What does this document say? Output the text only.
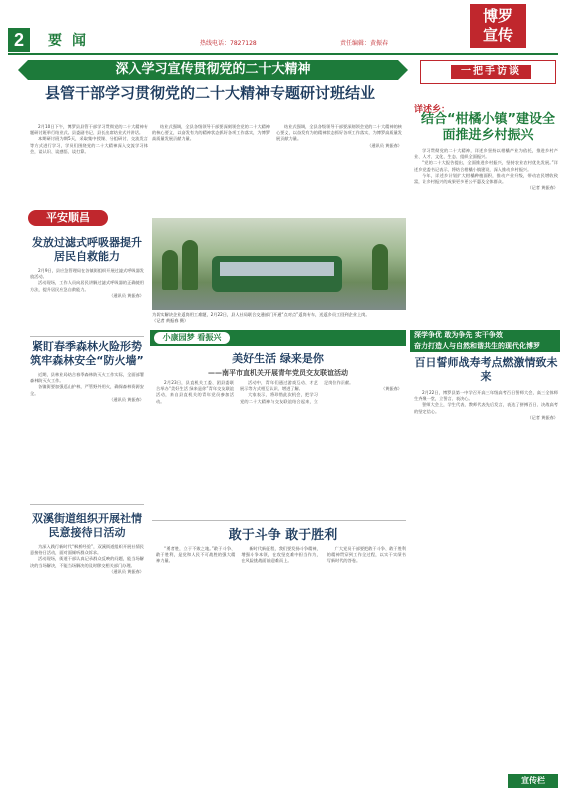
2	要闻	热线电话：7827128	责任编辑：黄振春
博罗
宣传
深入学习宣传贯彻党的二十大精神
县管干部学习贯彻党的二十大精神专题研讨班结业

2月10日下午，博罗县县管干部学习贯彻党的二十大精神专题研讨班举行结业式。县委副书记、县长出席结业式并讲话。

本期研讨班为期5天，采取集中授课、分组研讨、交流发言等方式进行学习，学员们围绕党的二十大精神深入交流学习体会，谈认识、谈感悟、谈打算。

结业式强调，全县各级领导干部要深刻领会党的二十大精神的核心要义，以奋发有为的精神状态抓好各项工作落实，为博罗高质量发展贡献力量。

结业式强调，全县各级领导干部要深刻领会党的二十大精神的核心要义，以奋发有为的精神状态抓好各项工作落实，为博罗高质量发展贡献力量。

（通讯员 黄振春）
一把手访谈
详述乡：
结合“柑橘小镇”建设全面推进乡村振兴

学习贯彻党的二十大精神，详述乡坚持以柑橘产业为依托，推进乡村产业、人才、文化、生态、组织全面振兴。

“党的二十大报告提出，全面推进乡村振兴，坚持农业农村优先发展。”详述乡党委书记表示，将结合柑橘小镇建设，深入推动乡村振兴。

今年，详述乡计划扩大柑橘种植面积，推动产业升级，带动农民增收致富，让乡村振兴的成果更多更公平惠及全体群众。

（记者 黄振春）
平安顺昌
发放过滤式呼吸器提升居民自救能力

2月9日，县应急管理局在各镇街组织开展过滤式呼吸器发放活动。

活动现场，工作人员向居民讲解过滤式呼吸器的正确使用方法，提升居民应急自救能力。

（通讯员 黄振春）
紧盯春季森林火险形势筑牢森林安全“防火墙”

近期，县林业局结合春季森林防灭火工作实际，全面部署森林防灭火工作。

各镇街要加强巡山护林，严管野外用火，确保森林资源安全。

（通讯员 黄振春）
为切实解决企业返岗用工难题，2月22日，县人社局联合交通部门开通“点对点”返岗专车，送返乡员工回到企业上岗。 （记者 黄振春 摄）
小康园梦 看振兴
美好生活 绿来是你
——南平市直机关开展青年党员交友联谊活动

2月23日，县直机关工委、团县委联合举办“美好生活 绿来是你”青年交友联谊活动，来自县直机关的青年党员参加活动。

活动中，青年们通过游戏互动、才艺展示等方式相互认识、增进了解。

大家表示，将珍惜此次机会，把学习党的二十大精神与交友联谊结合起来，立足岗位作贡献。

（黄振春）
深学争优 敢为争先 实干争效
奋力打造人与自然和谐共生的现代化博罗
百日誓师战寿考点燃激情致未来

2月22日，博罗县第一中学召开高三年级高考百日誓师大会，高三全体师生齐聚一堂，立誓言、表决心。

誓师大会上，学生代表、教师代表先后发言，表达了拼搏百日、决战高考的坚定信心。

（记者 黄振春）
双溪街道组织开展社情民意接待日活动

为深入践行新时代“枫桥经验”，双溪街道组织开展社情民意接待日活动，面对面倾听群众诉求。

活动现场，街道干部认真记录群众反映的问题，能当场解决的当场解决，不能当场解决的及时移交相关部门办理。

（通讯员 黄振春）
敢于斗争 敢于胜利

“勇者胜，立于不败之地。”敢于斗争、敢于胜利，是党和人民不可战胜的强大精神力量。

新时代新征程，我们要发扬斗争精神，增强斗争本领，在攻坚克难中担当作为，在风险挑战面前迎难而上。

广大党员干部要把敢于斗争、敢于胜利的精神贯穿到工作全过程，以实干实绩书写新时代的答卷。

宣传栏
